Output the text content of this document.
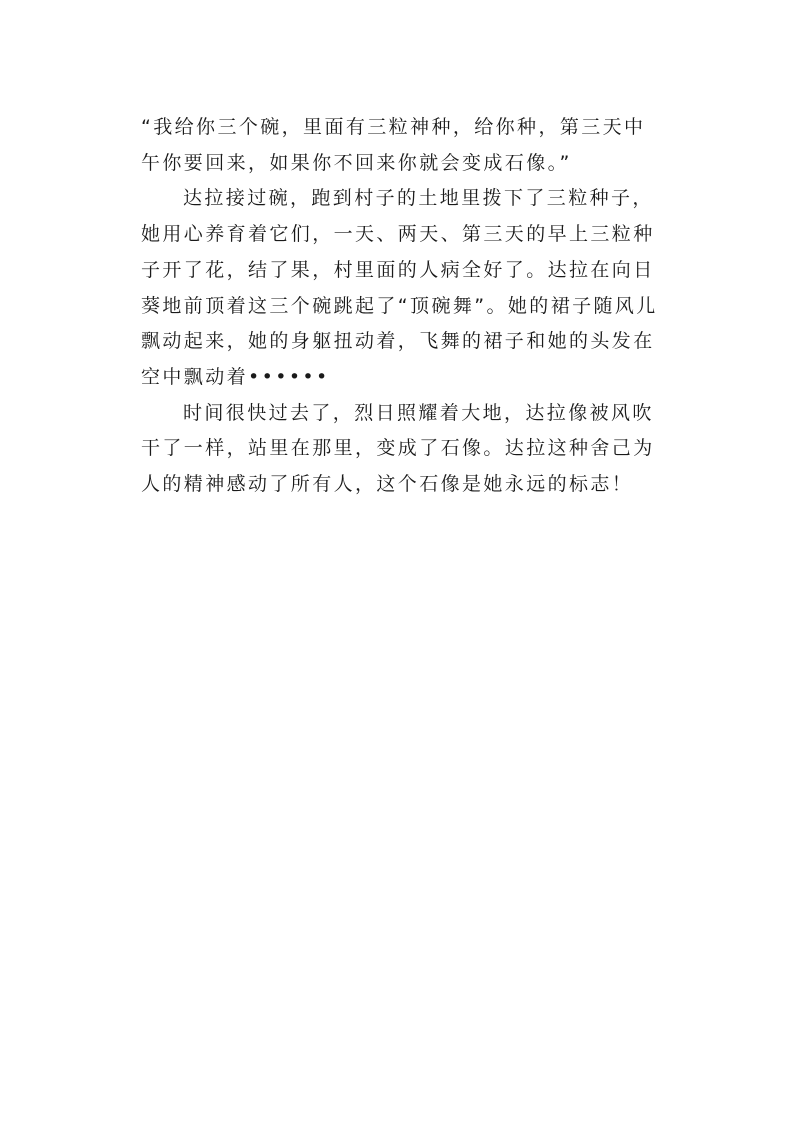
“我给你三个碗，里面有三粒神种，给你种，第三天中
午你要回来，如果你不回来你就会变成石像。”

达拉接过碗，跑到村子的土地里拨下了三粒种子，
她用心养育着它们，一天、两天、第三天的早上三粒种
子开了花，结了果，村里面的人病全好了。达拉在向日
葵地前顶着这三个碗跳起了“顶碗舞”。她的裙子随风儿
飘动起来，她的身躯扭动着，飞舞的裙子和她的头发在
空中飘动着••••••

时间很快过去了，烈日照耀着大地，达拉像被风吹
干了一样，站里在那里，变成了石像。达拉这种舍己为
人的精神感动了所有人，这个石像是她永远的标志！
